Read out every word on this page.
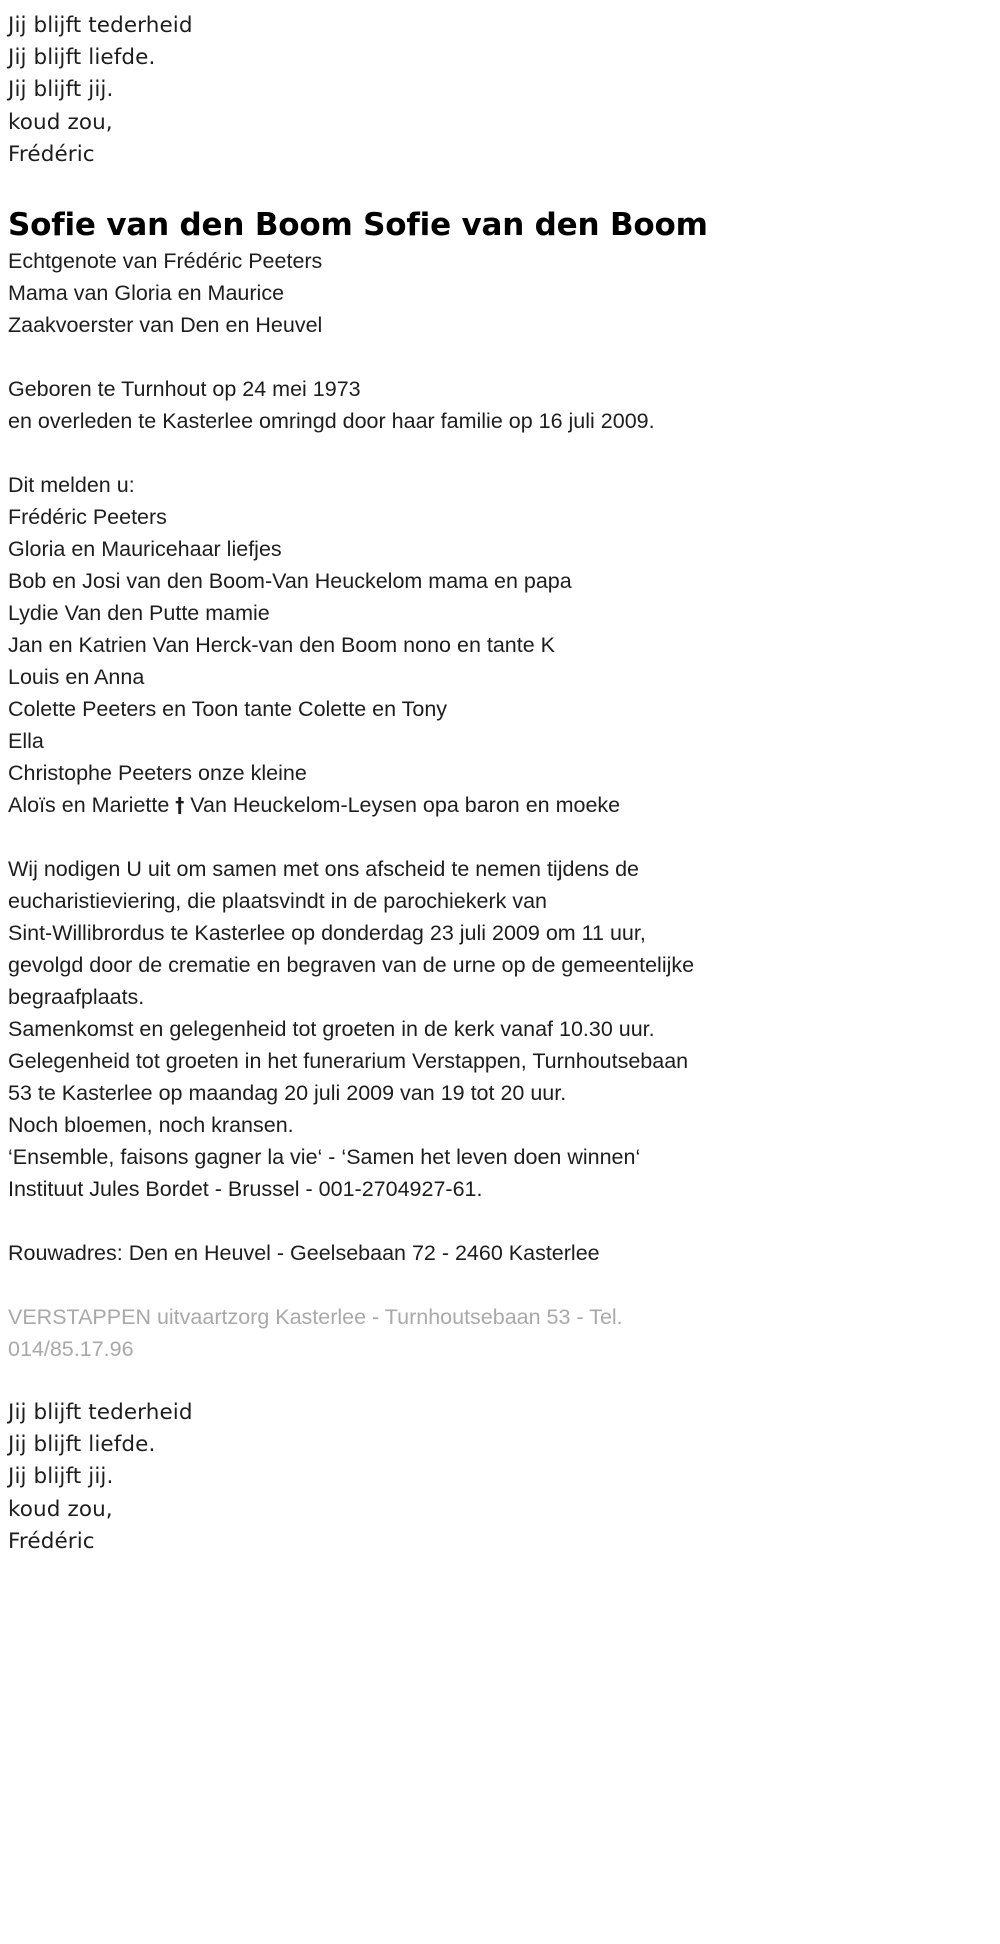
Jij blijft tederheid
Jij blijft liefde.
Jij blijft jij.
koud zou,
Frédéric
Sofie van den Boom Sofie van den Boom
Echtgenote van Frédéric Peeters
Mama van Gloria en Maurice
Zaakvoerster van Den en Heuvel
Geboren te Turnhout op 24 mei 1973
en overleden te Kasterlee omringd door haar familie op 16 juli 2009.
Dit melden u:
Frédéric Peeters
Gloria en Mauricehaar liefjes
Bob en Josi van den Boom-Van Heuckelom mama en papa
Lydie Van den Putte mamie
Jan en Katrien Van Herck-van den Boom nono en tante K
Louis en Anna
Colette Peeters en Toon tante Colette en Tony
Ella
Christophe Peeters onze kleine
Aloïs en Mariette † Van Heuckelom-Leysen opa baron en moeke
Wij nodigen U uit om samen met ons afscheid te nemen tijdens de
eucharistieviering, die plaatsvindt in de parochiekerk van
Sint-Willibrordus te Kasterlee op donderdag 23 juli 2009 om 11 uur,
gevolgd door de crematie en begraven van de urne op de gemeentelijke
begraafplaats.
Samenkomst en gelegenheid tot groeten in de kerk vanaf 10.30 uur.
Gelegenheid tot groeten in het funerarium Verstappen, Turnhoutsebaan
53 te Kasterlee op maandag 20 juli 2009 van 19 tot 20 uur.
Noch bloemen, noch kransen.
‘Ensemble, faisons gagner la vie‘ - ‘Samen het leven doen winnen‘
Instituut Jules Bordet - Brussel - 001-2704927-61.
Rouwadres: Den en Heuvel - Geelsebaan 72 - 2460 Kasterlee
VERSTAPPEN uitvaartzorg Kasterlee - Turnhoutsebaan 53 - Tel.
014/85.17.96
Jij blijft tederheid
Jij blijft liefde.
Jij blijft jij.
koud zou,
Frédéric
